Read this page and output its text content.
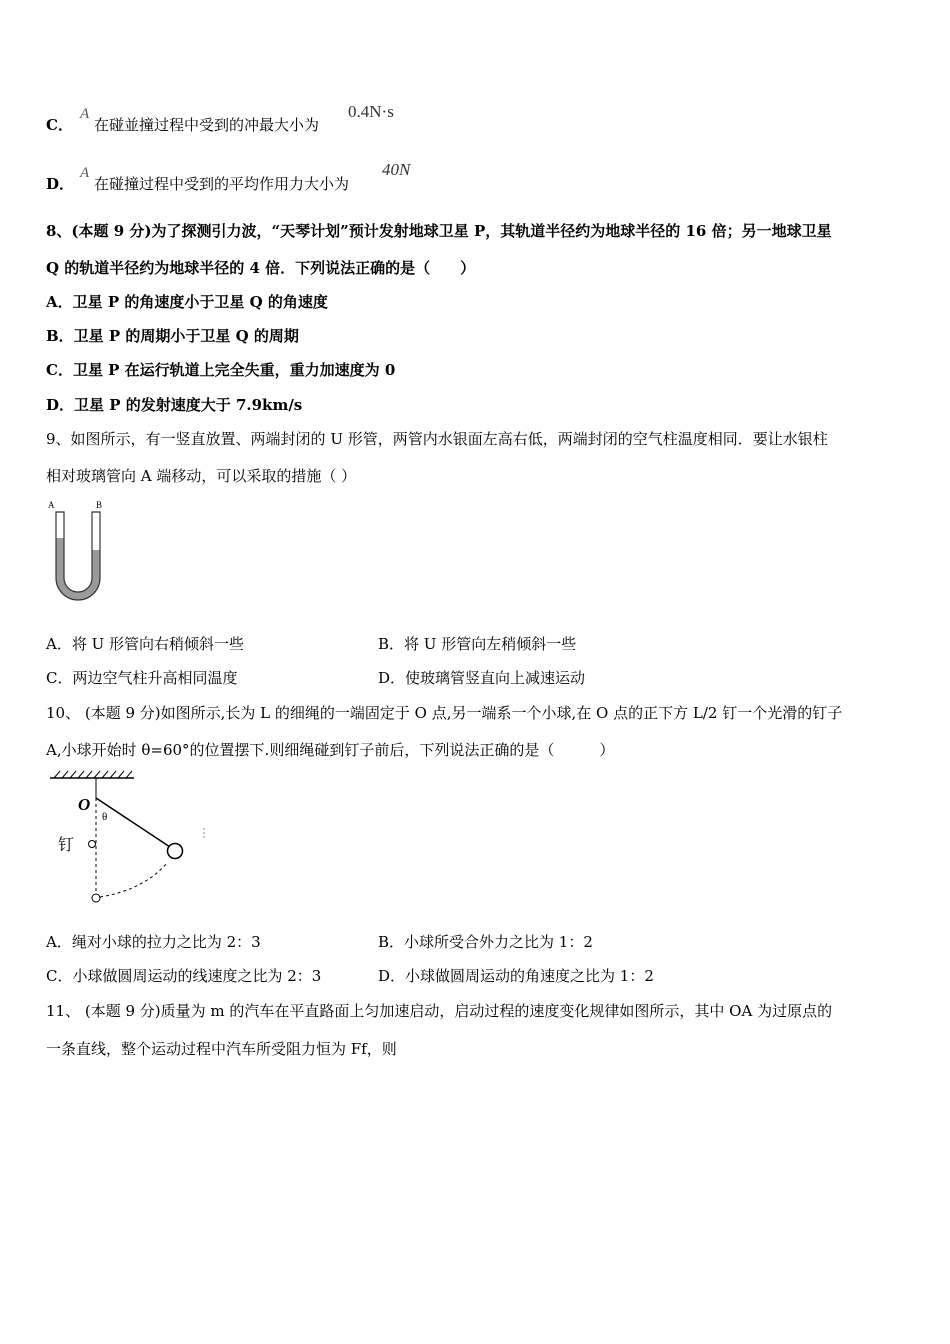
C．
A
在碰並撞过程中受到的冲最大小为
0.4N·s
D．
A
在碰撞过程中受到的平均作用力大小为
40N
8、(本题 9 分)为了探测引力波，“天琴计划”预计发射地球卫星 P，其轨道半径约为地球半径的 16 倍；另一地球卫星
Q 的轨道半径约为地球半径的 4 倍．下列说法正确的是（　　）
A．卫星 P 的角速度小于卫星 Q 的角速度
B．卫星 P 的周期小于卫星 Q 的周期
C．卫星 P 在运行轨道上完全失重，重力加速度为 0
D．卫星 P 的发射速度大于 7.9km/s
9、如图所示，有一竖直放置、两端封闭的 U 形管，两管内水银面左高右低，两端封闭的空气柱温度相同．要让水银柱
相对玻璃管向 A 端移动，可以采取的措施（ ）
A	B
A．将 U 形管向右稍倾斜一些	B．将 U 形管向左稍倾斜一些
C．两边空气柱升高相同温度	D．使玻璃管竖直向上减速运动
10、 (本题 9 分)如图所示,长为 L 的细绳的一端固定于 O 点,另一端系一个小球,在 O 点的正下方 L/2 钉一个光滑的钉子
A,小球开始时 θ=60°的位置摆下.则细绳碰到钉子前后，下列说法正确的是（　　　）
O
θ
钉
A．绳对小球的拉力之比为 2：3	B．小球所受合外力之比为 1：2
C．小球做圆周运动的线速度之比为 2：3	D．小球做圆周运动的角速度之比为 1：2
11、 (本题 9 分)质量为 m 的汽车在平直路面上匀加速启动，启动过程的速度变化规律如图所示，其中 OA 为过原点的
一条直线，整个运动过程中汽车所受阻力恒为 Ff，则
